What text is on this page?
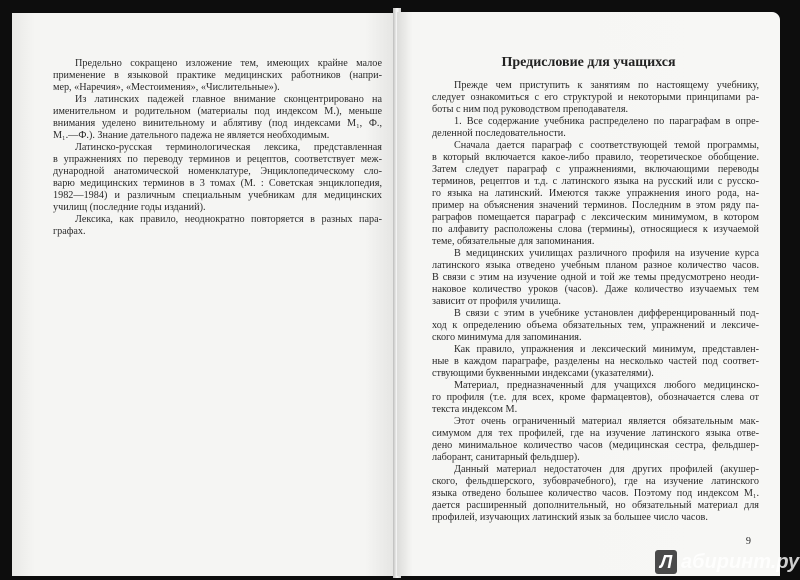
Предельно сокращено изложение тем, имеющих крайне малое
применение в языковой практике медицинских работников (напри-
мер, «Наречия», «Местоимения», «Числительные»).
Из латинских падежей главное внимание сконцентрировано на
именительном и родительном (материалы под индексом М.), меньше
внимания уделено винительному и аблятиву (под индексами М₁, Ф.,
М₁.—Ф.). Знание дательного падежа не является необходимым.
Латинско-русская терминологическая лексика, представленная
в упражнениях по переводу терминов и рецептов, соответствует меж-
дународной анатомической номенклатуре, Энциклопедическому сло-
варю медицинских терминов в 3 томах (М. : Советская энциклопедия,
1982—1984) и различным специальным учебникам для медицинских
училищ (последние годы изданий).
Лексика, как правило, неоднократно повторяется в разных пара-
графах.
Предисловие для учащихся
Прежде чем приступить к занятиям по настоящему учебнику,
следует ознакомиться с его структурой и некоторыми принципами ра-
боты с ним под руководством преподавателя.
1. Все содержание учебника распределено по параграфам в опре-
деленной последовательности.
Сначала дается параграф с соответствующей темой программы,
в который включается какое-либо правило, теоретическое обобщение.
Затем следует параграф с упражнениями, включающими переводы
терминов, рецептов и т.д. с латинского языка на русский или с русско-
го языка на латинский. Имеются также упражнения иного рода, на-
пример на объяснения значений терминов. Последним в этом ряду па-
раграфов помещается параграф с лексическим минимумом, в котором
по алфавиту расположены слова (термины), относящиеся к изучаемой
теме, обязательные для запоминания.
В медицинских училищах различного профиля на изучение курса
латинского языка отведено учебным планом разное количество часов.
В связи с этим на изучение одной и той же темы предусмотрено неоди-
наковое количество уроков (часов). Даже количество изучаемых тем
зависит от профиля училища.
В связи с этим в учебнике установлен дифференцированный под-
ход к определению объема обязательных тем, упражнений и лексиче-
ского минимума для запоминания.
Как правило, упражнения и лексический минимум, представлен-
ные в каждом параграфе, разделены на несколько частей под соответ-
ствующими буквенными индексами (указателями).
Материал, предназначенный для учащихся любого медицинско-
го профиля (т.е. для всех, кроме фармацевтов), обозначается слева от
текста индексом М.
Этот очень ограниченный материал является обязательным мак-
симумом для тех профилей, где на изучение латинского языка отве-
дено минимальное количество часов (медицинская сестра, фельдшер-
лаборант, санитарный фельдшер).
Данный материал недостаточен для других профилей (акушер-
ского, фельдшерского, зубоврачебного), где на изучение латинского
языка отведено большее количество часов. Поэтому под индексом М₁.
дается расширенный дополнительный, но обязательный материал для
профилей, изучающих латинский язык за большее число часов.
9
Л абиринт.ру
